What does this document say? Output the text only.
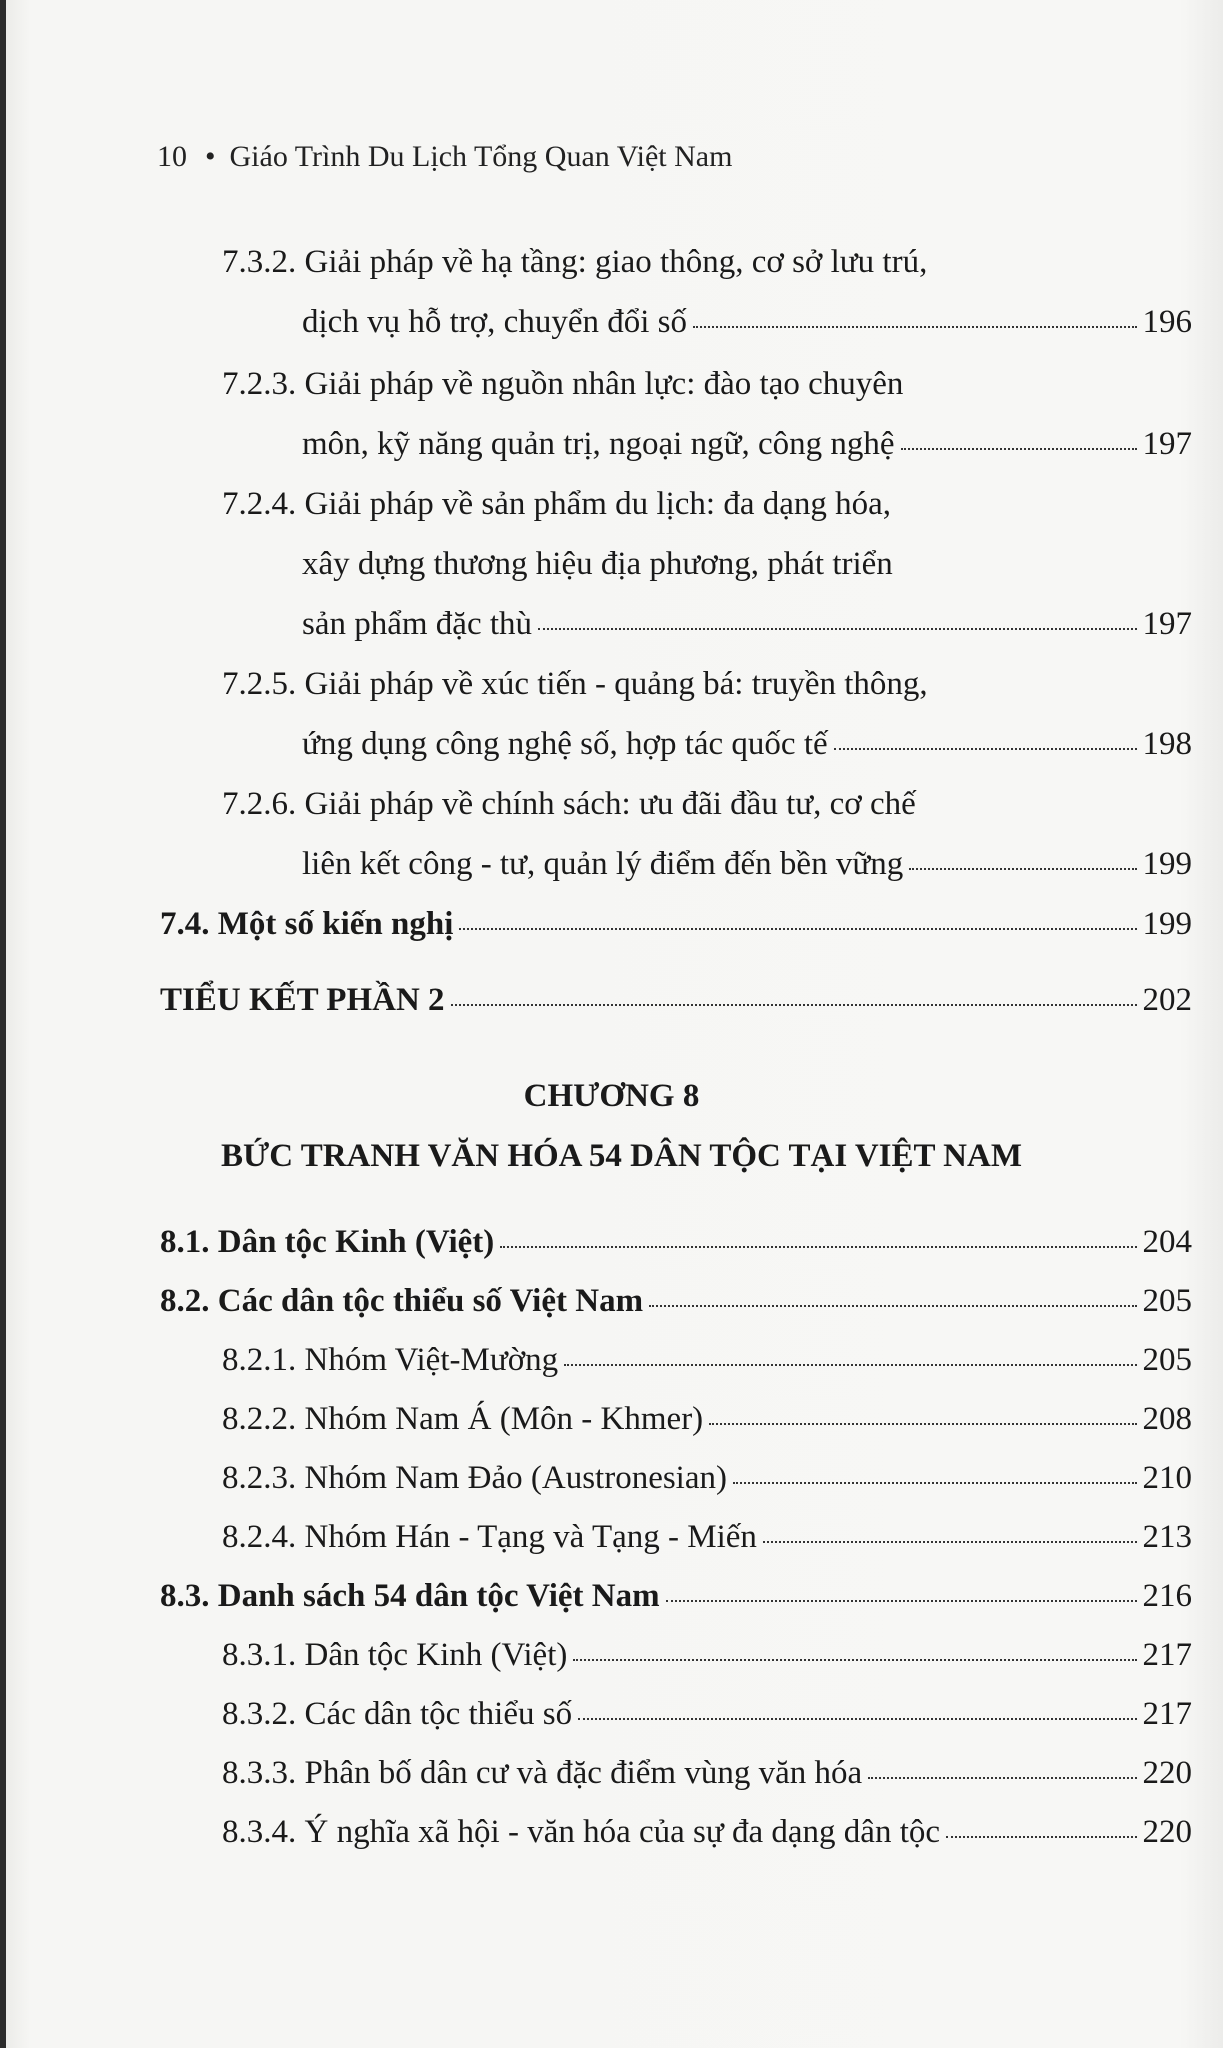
10 • Giáo Trình Du Lịch Tổng Quan Việt Nam
7.3.2. Giải pháp về hạ tầng: giao thông, cơ sở lưu trú,
dịch vụ hỗ trợ, chuyển đổi số	196
7.2.3. Giải pháp về nguồn nhân lực: đào tạo chuyên
môn, kỹ năng quản trị, ngoại ngữ, công nghệ	197
7.2.4. Giải pháp về sản phẩm du lịch: đa dạng hóa,
xây dựng thương hiệu địa phương, phát triển
sản phẩm đặc thù	197
7.2.5. Giải pháp về xúc tiến - quảng bá: truyền thông,
ứng dụng công nghệ số, hợp tác quốc tế	198
7.2.6. Giải pháp về chính sách: ưu đãi đầu tư, cơ chế
liên kết công - tư, quản lý điểm đến bền vững	199
7.4. Một số kiến nghị	199
TIỂU KẾT PHẦN 2	202
CHƯƠNG 8
BỨC TRANH VĂN HÓA 54 DÂN TỘC TẠI VIỆT NAM
8.1. Dân tộc Kinh (Việt)	204
8.2. Các dân tộc thiểu số Việt Nam	205
8.2.1. Nhóm Việt-Mường	205
8.2.2. Nhóm Nam Á (Môn - Khmer)	208
8.2.3. Nhóm Nam Đảo (Austronesian)	210
8.2.4. Nhóm Hán - Tạng và Tạng - Miến	213
8.3. Danh sách 54 dân tộc Việt Nam	216
8.3.1. Dân tộc Kinh (Việt)	217
8.3.2. Các dân tộc thiểu số	217
8.3.3. Phân bố dân cư và đặc điểm vùng văn hóa	220
8.3.4. Ý nghĩa xã hội - văn hóa của sự đa dạng dân tộc	220
